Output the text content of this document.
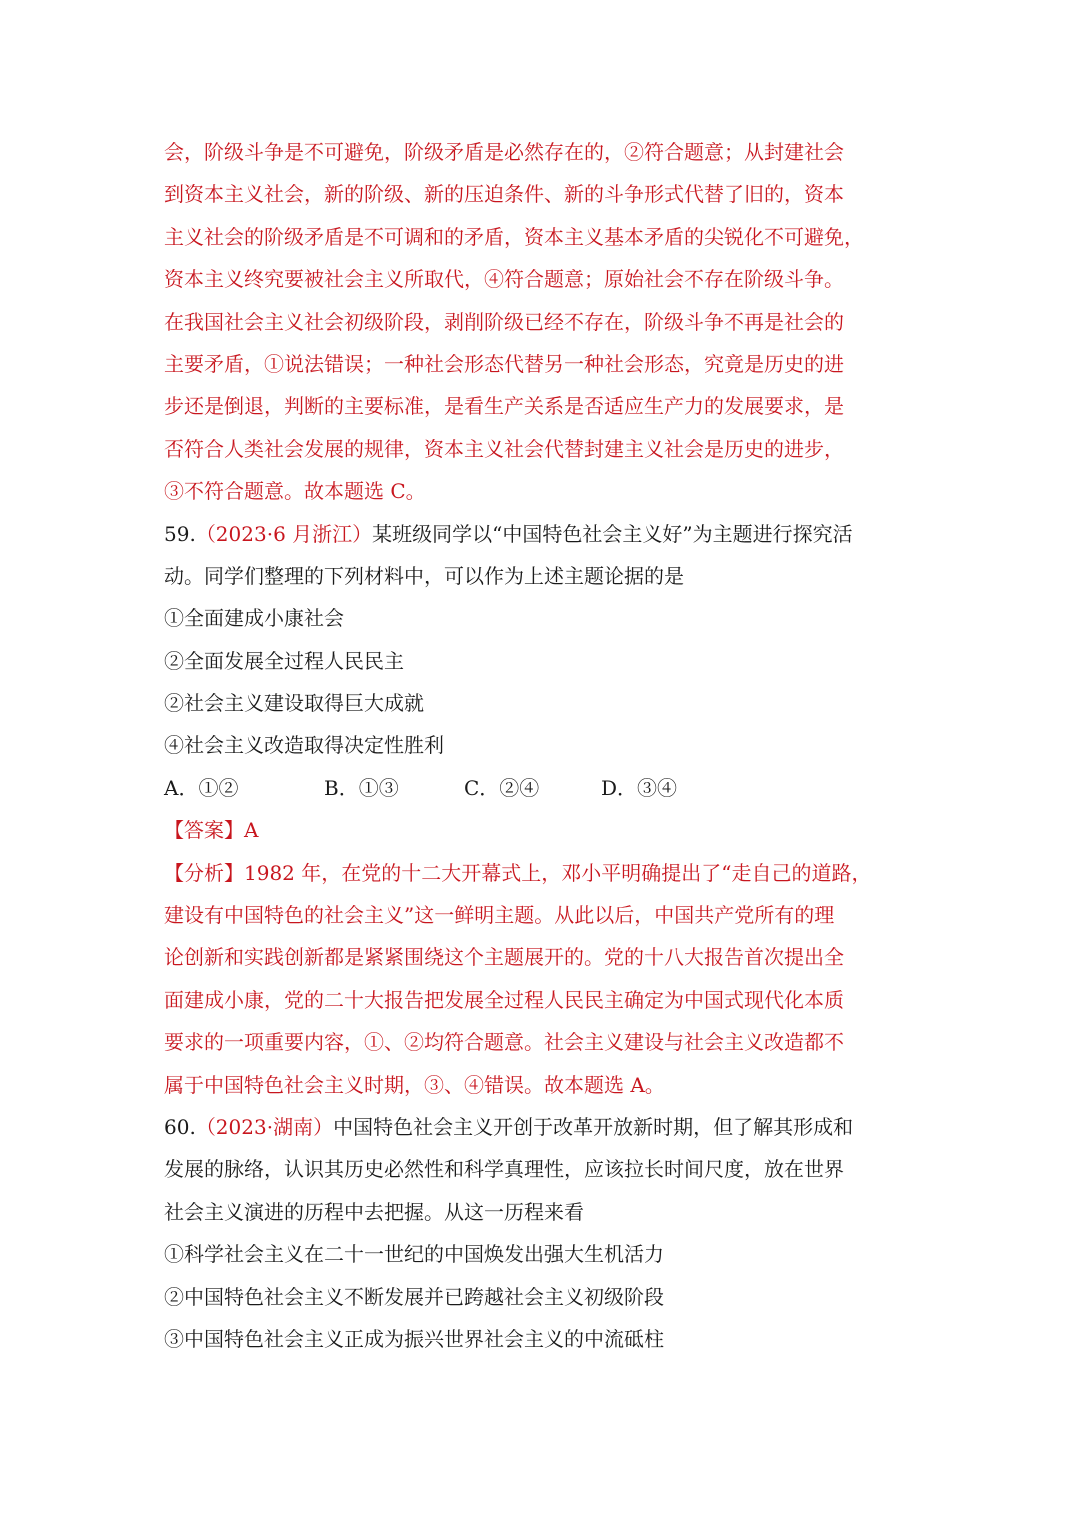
会，阶级斗争是不可避免，阶级矛盾是必然存在的，②符合题意；从封建社会
到资本主义社会，新的阶级、新的压迫条件、新的斗争形式代替了旧的，资本
主义社会的阶级矛盾是不可调和的矛盾，资本主义基本矛盾的尖锐化不可避免，
资本主义终究要被社会主义所取代，④符合题意；原始社会不存在阶级斗争。
在我国社会主义社会初级阶段，剥削阶级已经不存在，阶级斗争不再是社会的
主要矛盾，①说法错误；一种社会形态代替另一种社会形态，究竟是历史的进
步还是倒退，判断的主要标准，是看生产关系是否适应生产力的发展要求，是
否符合人类社会发展的规律，资本主义社会代替封建主义社会是历史的进步，
③不符合题意。故本题选 C。
59.（2023·6 月浙江）某班级同学以“中国特色社会主义好”为主题进行探究活
动。同学们整理的下列材料中，可以作为上述主题论据的是
①全面建成小康社会
②全面发展全过程人民民主
②社会主义建设取得巨大成就
④社会主义改造取得决定性胜利
A．①②	B．①③	C．②④	D．③④
【答案】A
【分析】1982 年，在党的十二大开幕式上，邓小平明确提出了“走自己的道路，
建设有中国特色的社会主义”这一鲜明主题。从此以后，中国共产党所有的理
论创新和实践创新都是紧紧围绕这个主题展开的。党的十八大报告首次提出全
面建成小康，党的二十大报告把发展全过程人民民主确定为中国式现代化本质
要求的一项重要内容，①、②均符合题意。社会主义建设与社会主义改造都不
属于中国特色社会主义时期，③、④错误。故本题选 A。
60.（2023·湖南）中国特色社会主义开创于改革开放新时期，但了解其形成和
发展的脉络，认识其历史必然性和科学真理性，应该拉长时间尺度，放在世界
社会主义演进的历程中去把握。从这一历程来看
①科学社会主义在二十一世纪的中国焕发出强大生机活力
②中国特色社会主义不断发展并已跨越社会主义初级阶段
③中国特色社会主义正成为振兴世界社会主义的中流砥柱
